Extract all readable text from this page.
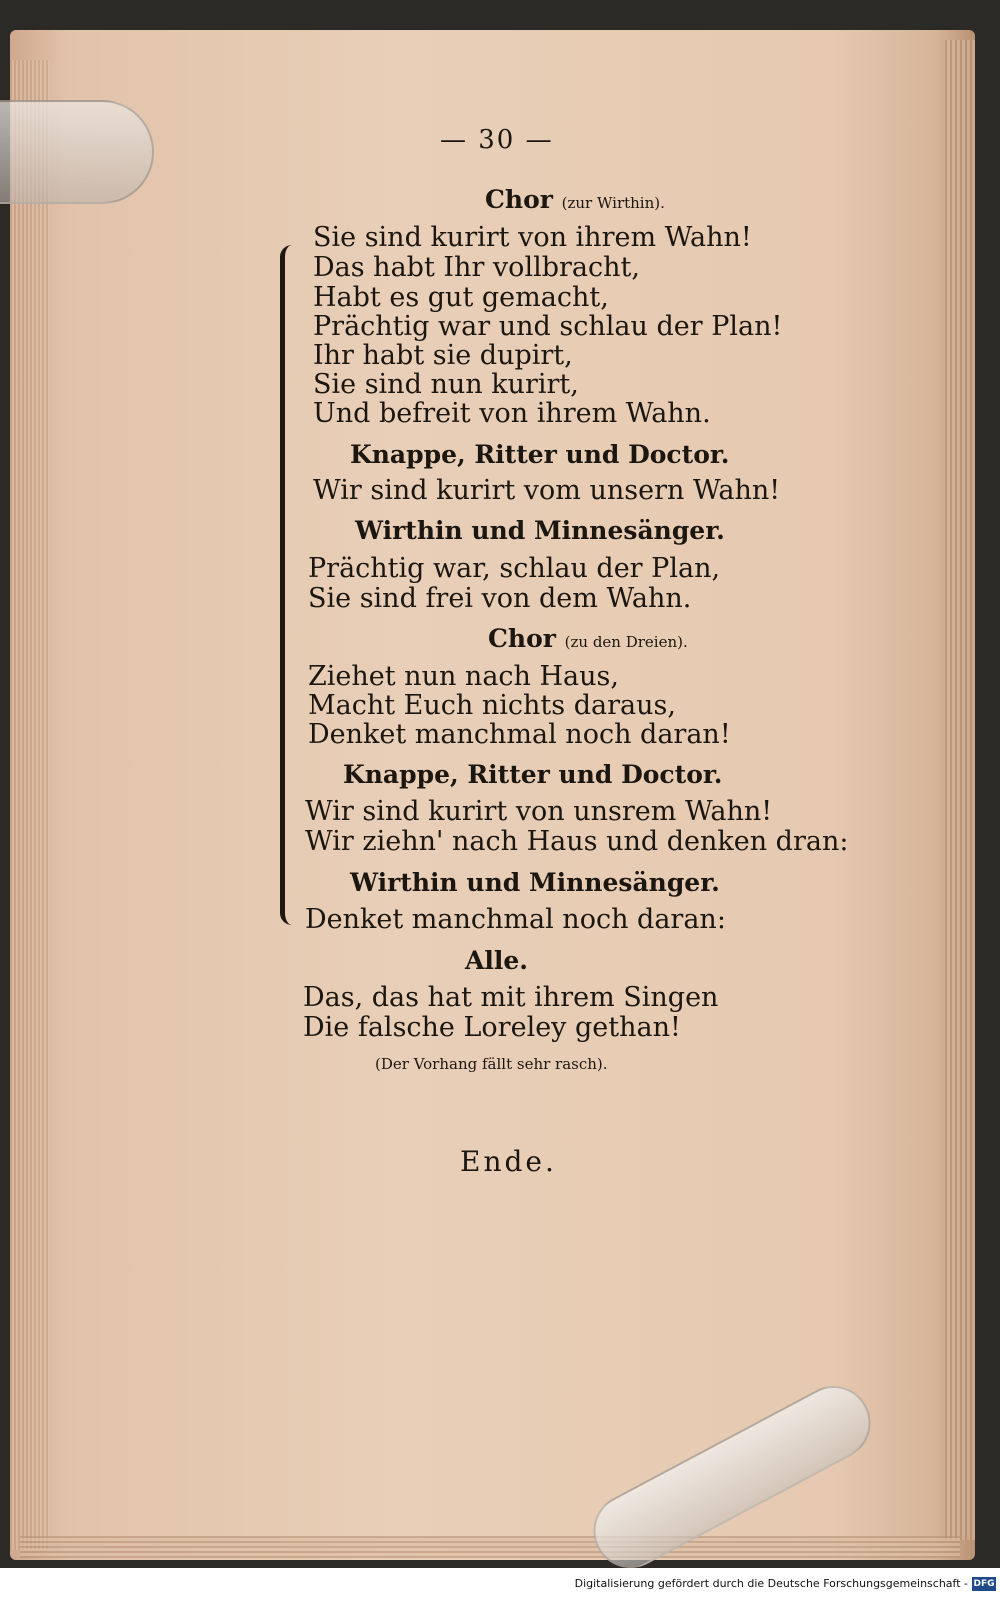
— 30 —
Chor (zur Wirthin).
Sie sind kurirt von ihrem Wahn!
Das habt Ihr vollbracht,
Habt es gut gemacht,
Prächtig war und schlau der Plan!
Ihr habt sie dupirt,
Sie sind nun kurirt,
Und befreit von ihrem Wahn.
Knappe, Ritter und Doctor.
Wir sind kurirt vom unsern Wahn!
Wirthin und Minnesänger.
Prächtig war, schlau der Plan,
Sie sind frei von dem Wahn.
Chor (zu den Dreien).
Ziehet nun nach Haus,
Macht Euch nichts daraus,
Denket manchmal noch daran!
Knappe, Ritter und Doctor.
Wir sind kurirt von unsrem Wahn!
Wir ziehn' nach Haus und denken dran:
Wirthin und Minnesänger.
Denket manchmal noch daran:
Alle.
Das, das hat mit ihrem Singen
Die falsche Loreley gethan!
(Der Vorhang fällt sehr rasch).
Ende.
Digitalisierung gefördert durch die Deutsche Forschungsgemeinschaft - DFG
